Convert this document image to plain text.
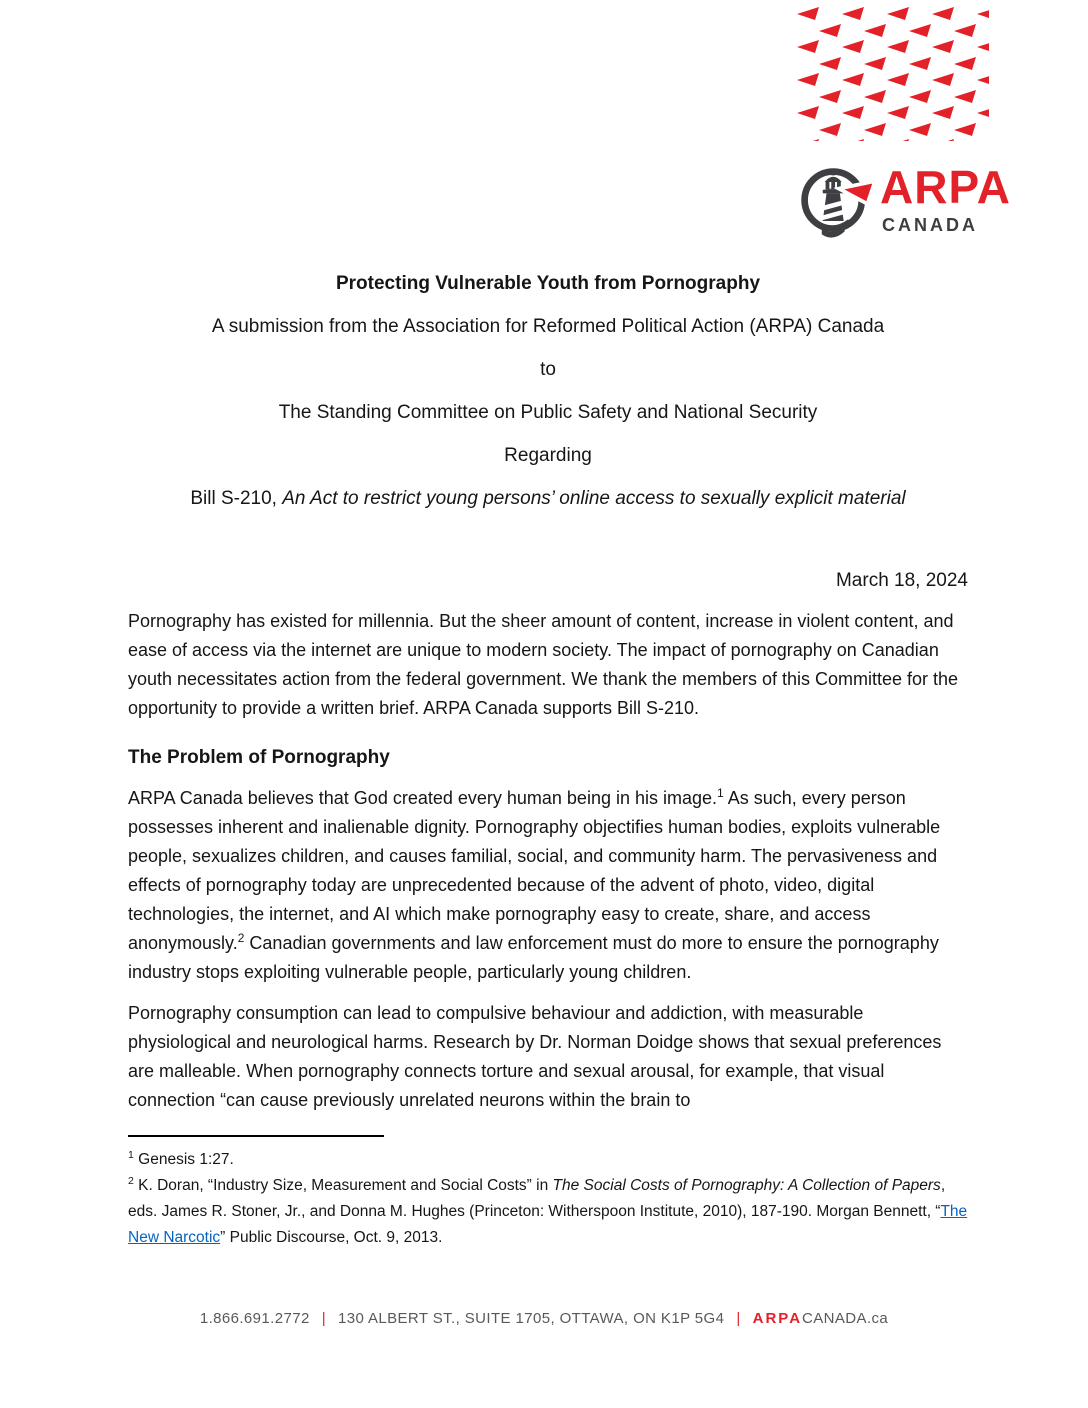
ARPA
CANADA

Protecting Vulnerable Youth from Pornography

A submission from the Association for Reformed Political Action (ARPA) Canada

to

The Standing Committee on Public Safety and National Security

Regarding

Bill S-210, An Act to restrict young persons’ online access to sexually explicit material

March 18, 2024

Pornography has existed for millennia. But the sheer amount of content, increase in violent content, and ease of access via the internet are unique to modern society. The impact of pornography on Canadian youth necessitates action from the federal government. We thank the members of this Committee for the opportunity to provide a written brief. ARPA Canada supports Bill S-210.

The Problem of Pornography

ARPA Canada believes that God created every human being in his image.$^1$ As such, every person possesses inherent and inalienable dignity. Pornography objectifies human bodies, exploits vulnerable people, sexualizes children, and causes familial, social, and community harm. The pervasiveness and effects of pornography today are unprecedented because of the advent of photo, video, digital technologies, the internet, and AI which make pornography easy to create, share, and access anonymously.$^2$ Canadian governments and law enforcement must do more to ensure the pornography industry stops exploiting vulnerable people, particularly young children.

Pornography consumption can lead to compulsive behaviour and addiction, with measurable physiological and neurological harms. Research by Dr. Norman Doidge shows that sexual preferences are malleable. When pornography connects torture and sexual arousal, for example, that visual connection “can cause previously unrelated neurons within the brain to

$^1$ Genesis 1:27.

$^2$ K. Doran, “Industry Size, Measurement and Social Costs” in The Social Costs of Pornography: A Collection of Papers, eds. James R. Stoner, Jr., and Donna M. Hughes (Princeton: Witherspoon Institute, 2010), 187-190. Morgan Bennett, “The New Narcotic” Public Discourse, Oct. 9, 2013.

1.866.691.2772 | 130 ALBERT ST., SUITE 1705, OTTAWA, ON K1P 5G4 | ARPACANADA.ca
